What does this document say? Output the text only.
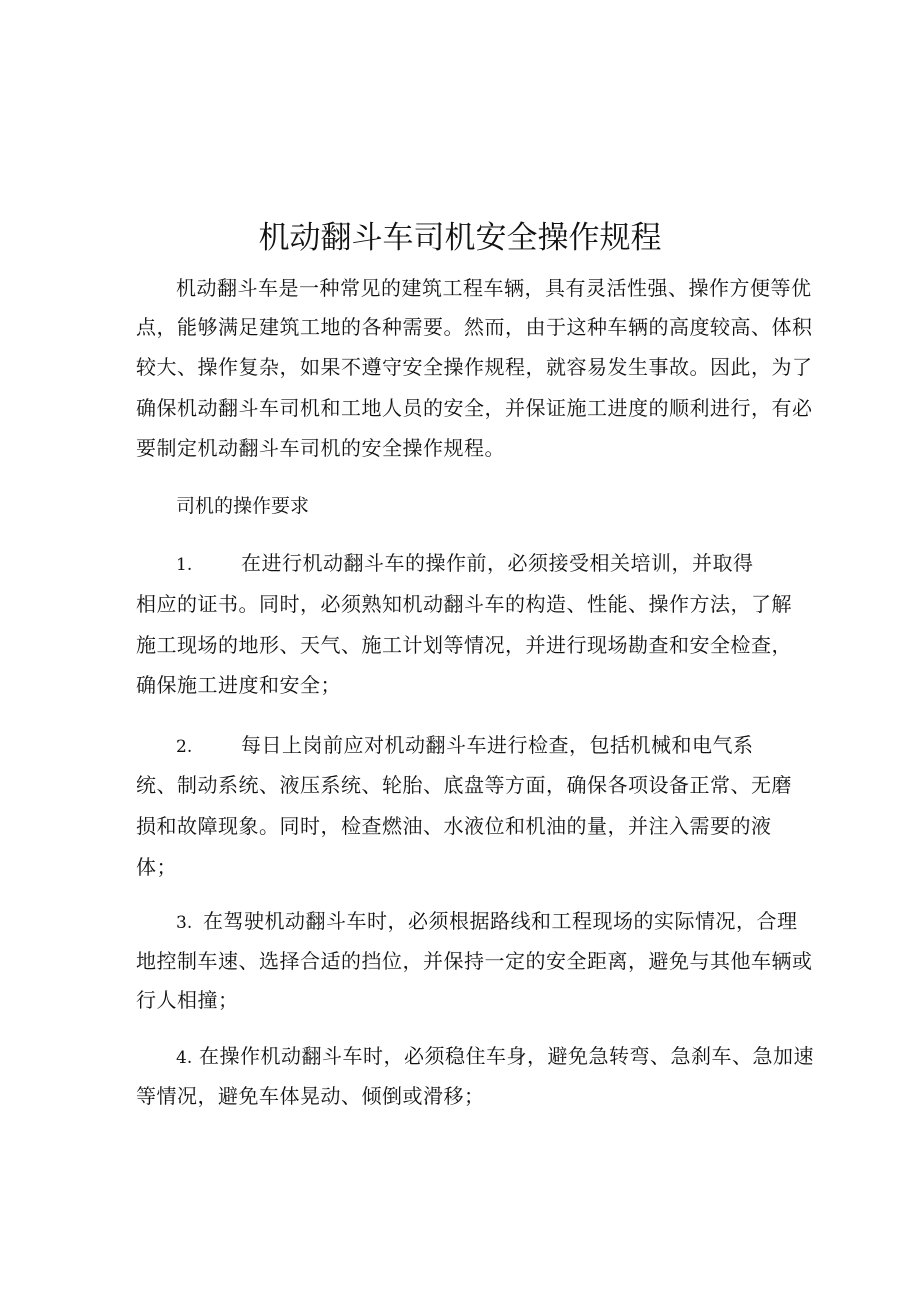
机动翻斗车司机安全操作规程
机动翻斗车是一种常见的建筑工程车辆，具有灵活性强、操作方便等优
点，能够满足建筑工地的各种需要。然而，由于这种车辆的高度较高、体积
较大、操作复杂，如果不遵守安全操作规程，就容易发生事故。因此，为了
确保机动翻斗车司机和工地人员的安全，并保证施工进度的顺利进行，有必
要制定机动翻斗车司机的安全操作规程。
司机的操作要求
1. 在进行机动翻斗车的操作前，必须接受相关培训，并取得
相应的证书。同时，必须熟知机动翻斗车的构造、性能、操作方法，了解
施工现场的地形、天气、施工计划等情况，并进行现场勘查和安全检查，
确保施工进度和安全；
2. 每日上岗前应对机动翻斗车进行检查，包括机械和电气系
统、制动系统、液压系统、轮胎、底盘等方面，确保各项设备正常、无磨
损和故障现象。同时，检查燃油、水液位和机油的量，并注入需要的液
体；
3. 在驾驶机动翻斗车时，必须根据路线和工程现场的实际情况，合理
地控制车速、选择合适的挡位，并保持一定的安全距离，避免与其他车辆或
行人相撞；
4. 在操作机动翻斗车时，必须稳住车身，避免急转弯、急刹车、急加速
等情况，避免车体晃动、倾倒或滑移；
